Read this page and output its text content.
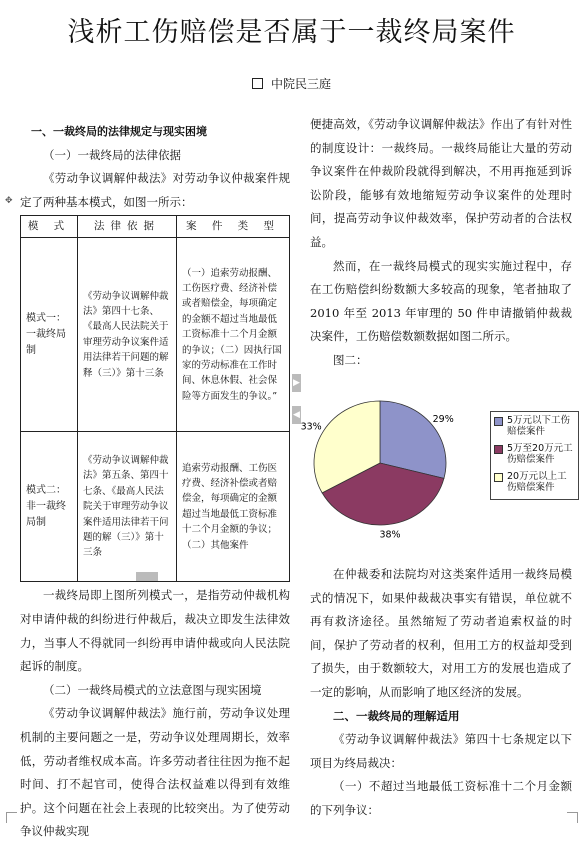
浅析工伤赔偿是否属于一裁终局案件
中院民三庭

一、一裁终局的法律规定与现实困境

（一）一裁终局的法律依据

《劳动争议调解仲裁法》对劳动争议仲裁案件规定了两种基本模式，如图一所示：

模 式	法律依据	案 件 类 型
模式一：一裁终局制	《劳动争议调解仲裁法》第四十七条、《最高人民法院关于审理劳动争议案件适用法律若干问题的解释（三）》第十三条	（一）追索劳动报酬、工伤医疗费、经济补偿或者赔偿金，每项确定的金额不超过当地最低工资标准十二个月金额的争议；（二）因执行国家的劳动标准在工作时间、休息休假、社会保险等方面发生的争议。”
模式二：非一裁终局制	《劳动争议调解仲裁法》第五条、第四十七条、《最高人民法院关于审理劳动争议案件适用法律若干问题的解（三）》第十三条	追索劳动报酬、工伤医疗费、经济补偿或者赔偿金，每项确定的金额超过当地最低工资标准十二个月金额的争议；（二）其他案件

一裁终局即上图所列模式一，是指劳动仲裁机构对申请仲裁的纠纷进行仲裁后，裁决立即发生法律效力，当事人不得就同一纠纷再申请仲裁或向人民法院起诉的制度。

（二）一裁终局模式的立法意图与现实困境

《劳动争议调解仲裁法》施行前，劳动争议处理机制的主要问题之一是，劳动争议处理周期长，效率低，劳动者维权成本高。许多劳动者往往因为拖不起时间、打不起官司，使得合法权益难以得到有效维护。这个问题在社会上表现的比较突出。为了使劳动争议仲裁实现

便捷高效，《劳动争议调解仲裁法》作出了有针对性的制度设计：一裁终局。一裁终局能让大量的劳动争议案件在仲裁阶段就得到解决，不用再拖延到诉讼阶段，能够有效地缩短劳动争议案件的处理时间，提高劳动争议仲裁效率，保护劳动者的合法权益。

然而，在一裁终局模式的现实实施过程中，存在工伤赔偿纠纷数额大多较高的现象，笔者抽取了 2010 年至 2013 年审理的 50 件申请撤销仲裁裁决案件，工伤赔偿数额数据如图二所示。

图二：

29%
38%
33%
5万元以下工伤赔偿案件
5万至20万元工伤赔偿案件
20万元以上工伤赔偿案件

在仲裁委和法院均对这类案件适用一裁终局模式的情况下，如果仲裁裁决事实有错误，单位就不再有救济途径。虽然缩短了劳动者追索权益的时间，保护了劳动者的权利，但用工方的权益却受到了损失，由于数额较大，对用工方的发展也造成了一定的影响，从而影响了地区经济的发展。

二、一裁终局的理解适用

《劳动争议调解仲裁法》第四十七条规定以下项目为终局裁决：

（一）不超过当地最低工资标准十二个月金额的下列争议：

✥
▶
◀
